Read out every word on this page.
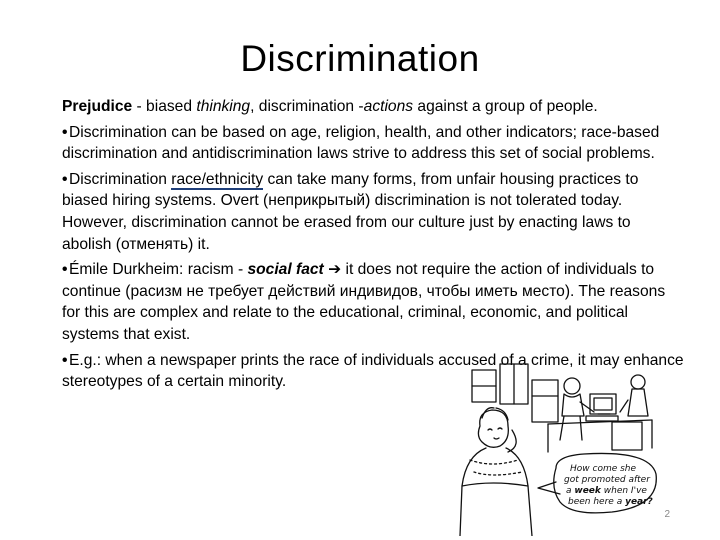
Discrimination

Prejudice - biased thinking, discrimination -actions against a group of people.

•Discrimination can be based on age, religion, health, and other indicators; race-based discrimination and antidiscrimination laws strive to address this set of social problems.

•Discrimination race/ethnicity can take many forms, from unfair housing practices to biased hiring systems. Overt (неприкрытый) discrimination is not tolerated today. However, discrimination cannot be erased from our culture just by enacting laws to abolish (отменять) it.

•Émile Durkheim: racism - social fact ➔ it does not require the action of individuals to continue (расизм не требует действий индивидов, чтобы иметь место). The reasons for this are complex and relate to the educational, criminal, economic, and political systems that exist.

•E.g.: when a newspaper prints the race of individuals accused of a crime, it may enhance stereotypes of a certain minority.

How come she
got promoted after
a week when I've
been here a year?
2
